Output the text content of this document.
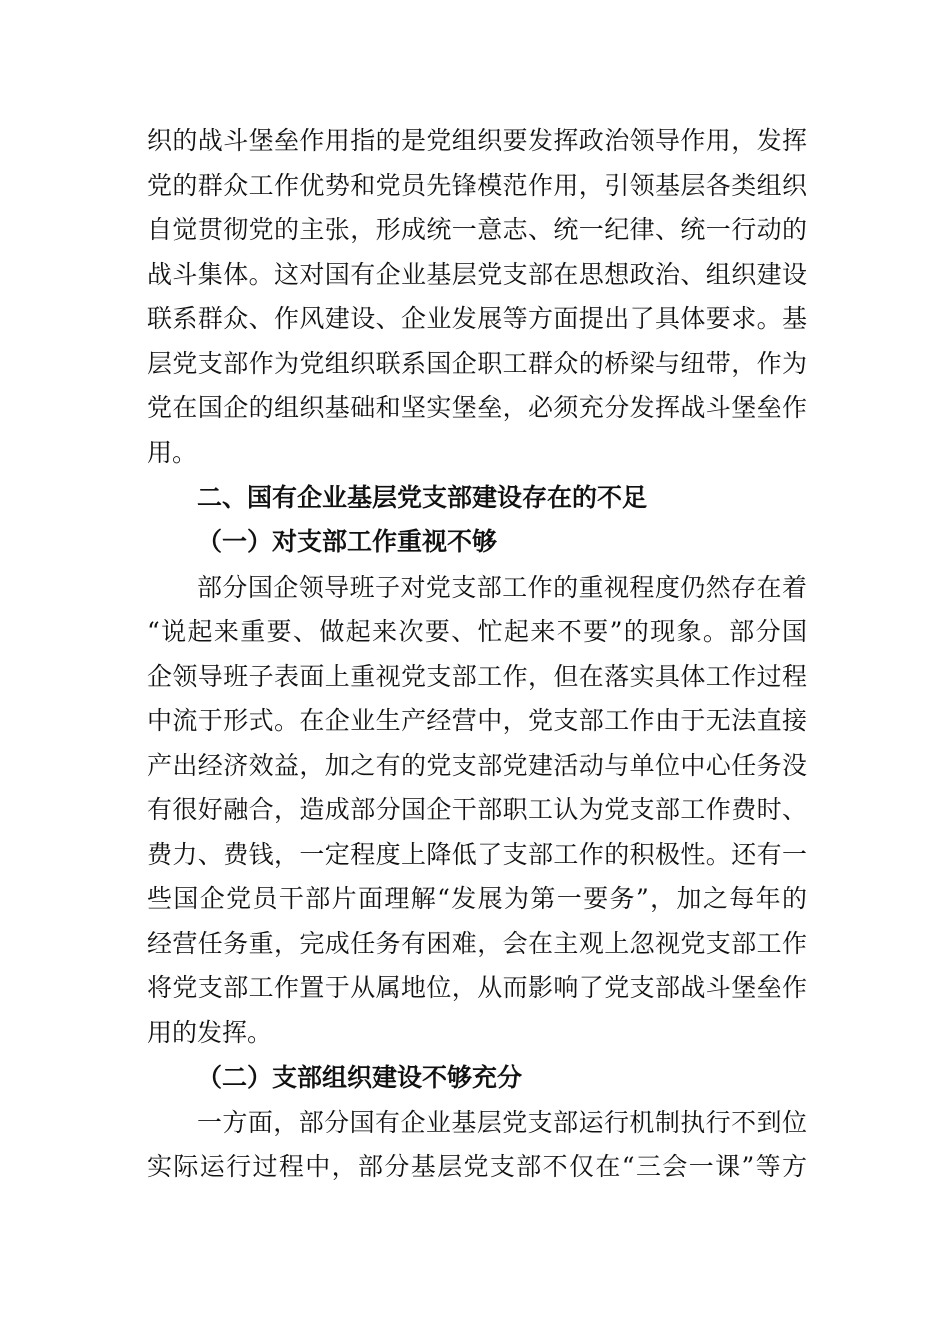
织的战斗堡垒作用指的是党组织要发挥政治领导作用，发挥
党的群众工作优势和党员先锋模范作用，引领基层各类组织
自觉贯彻党的主张，形成统一意志、统一纪律、统一行动的
战斗集体。这对国有企业基层党支部在思想政治、组织建设
联系群众、作风建设、企业发展等方面提出了具体要求。基
层党支部作为党组织联系国企职工群众的桥梁与纽带，作为
党在国企的组织基础和坚实堡垒，必须充分发挥战斗堡垒作
用。
二、国有企业基层党支部建设存在的不足
（一）对支部工作重视不够
部分国企领导班子对党支部工作的重视程度仍然存在着
“说起来重要、做起来次要、忙起来不要”的现象。部分国
企领导班子表面上重视党支部工作，但在落实具体工作过程
中流于形式。在企业生产经营中，党支部工作由于无法直接
产出经济效益，加之有的党支部党建活动与单位中心任务没
有很好融合，造成部分国企干部职工认为党支部工作费时、
费力、费钱，一定程度上降低了支部工作的积极性。还有一
些国企党员干部片面理解“发展为第一要务”，加之每年的
经营任务重，完成任务有困难，会在主观上忽视党支部工作
将党支部工作置于从属地位，从而影响了党支部战斗堡垒作
用的发挥。
（二）支部组织建设不够充分
一方面，部分国有企业基层党支部运行机制执行不到位
实际运行过程中，部分基层党支部不仅在“三会一课”等方
